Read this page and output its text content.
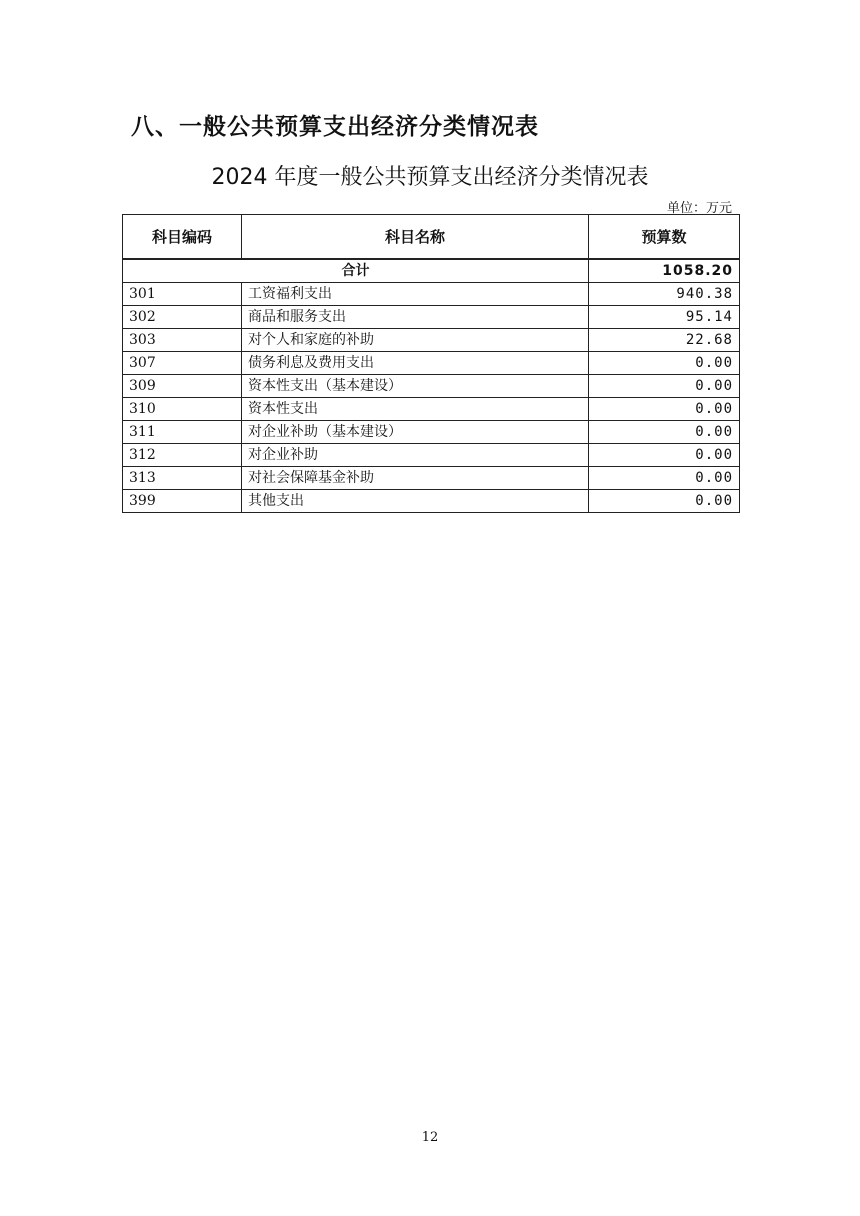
八、一般公共预算支出经济分类情况表
2024 年度一般公共预算支出经济分类情况表
单位：万元
科目编码	科目名称	预算数
合计		1058.20
301	工资福利支出	940.38
302	商品和服务支出	95.14
303	对个人和家庭的补助	22.68
307	债务利息及费用支出	0.00
309	资本性支出（基本建设）	0.00
310	资本性支出	0.00
311	对企业补助（基本建设）	0.00
312	对企业补助	0.00
313	对社会保障基金补助	0.00
399	其他支出	0.00
12
